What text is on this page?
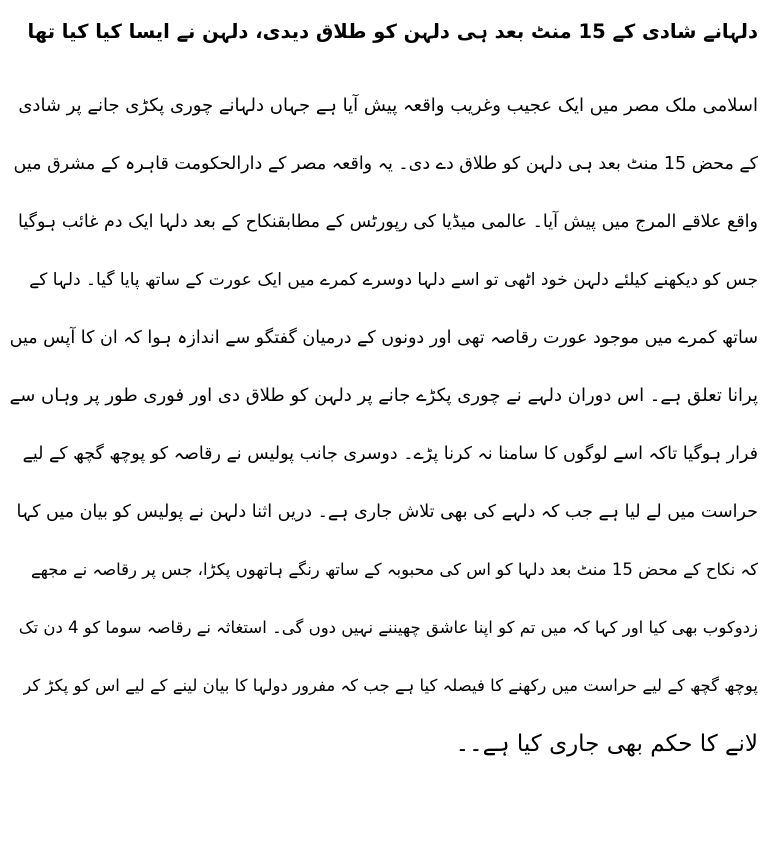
دلہانے شادی کے 15 منٹ بعد ہی دلہن کو طلاق دیدی، دلہن نے ایسا کیا کیا تھا
اسلامی ملک مصر میں ایک عجیب وغریب واقعہ پیش آیا ہے جہاں دلہانے چوری پکڑی جانے پر شادی
کے محض 15 منٹ بعد ہی دلہن کو طلاق دے دی۔ یہ واقعہ مصر کے دارالحکومت قاہرہ کے مشرق میں
واقع علاقے المرج میں پیش آیا۔ عالمی میڈیا کی رپورٹس کے مطابقنکاح کے بعد دلہا ایک دم غائب ہوگیا
جس کو دیکھنے کیلئے دلہن خود اٹھی تو اسے دلہا دوسرے کمرے میں ایک عورت کے ساتھ پایا گیا۔ دلہا کے
ساتھ کمرے میں موجود عورت رقاصہ تھی اور دونوں کے درمیان گفتگو سے اندازہ ہوا کہ ان کا آپس میں
پرانا تعلق ہے۔ اس دوران دلہے نے چوری پکڑے جانے پر دلہن کو طلاق دی اور فوری طور پر وہاں سے
فرار ہوگیا تاکہ اسے لوگوں کا سامنا نہ کرنا پڑے۔ دوسری جانب پولیس نے رقاصہ کو پوچھ گچھ کے لیے
حراست میں لے لیا ہے جب کہ دلہے کی بھی تلاش جاری ہے۔ دریں اثنا دلہن نے پولیس کو بیان میں کہا
کہ نکاح کے محض 15 منٹ بعد دلہا کو اس کی محبوبہ کے ساتھ رنگے ہاتھوں پکڑا، جس پر رقاصہ نے مجھے
زدوکوب بھی کیا اور کہا کہ میں تم کو اپنا عاشق چھیننے نہیں دوں گی۔ استغاثہ نے رقاصہ سوما کو 4 دن تک
پوچھ گچھ کے لیے حراست میں رکھنے کا فیصلہ کیا ہے جب کہ مفرور دولہا کا بیان لینے کے لیے اس کو پکڑ کر
لانے کا حکم بھی جاری کیا ہے۔۔
